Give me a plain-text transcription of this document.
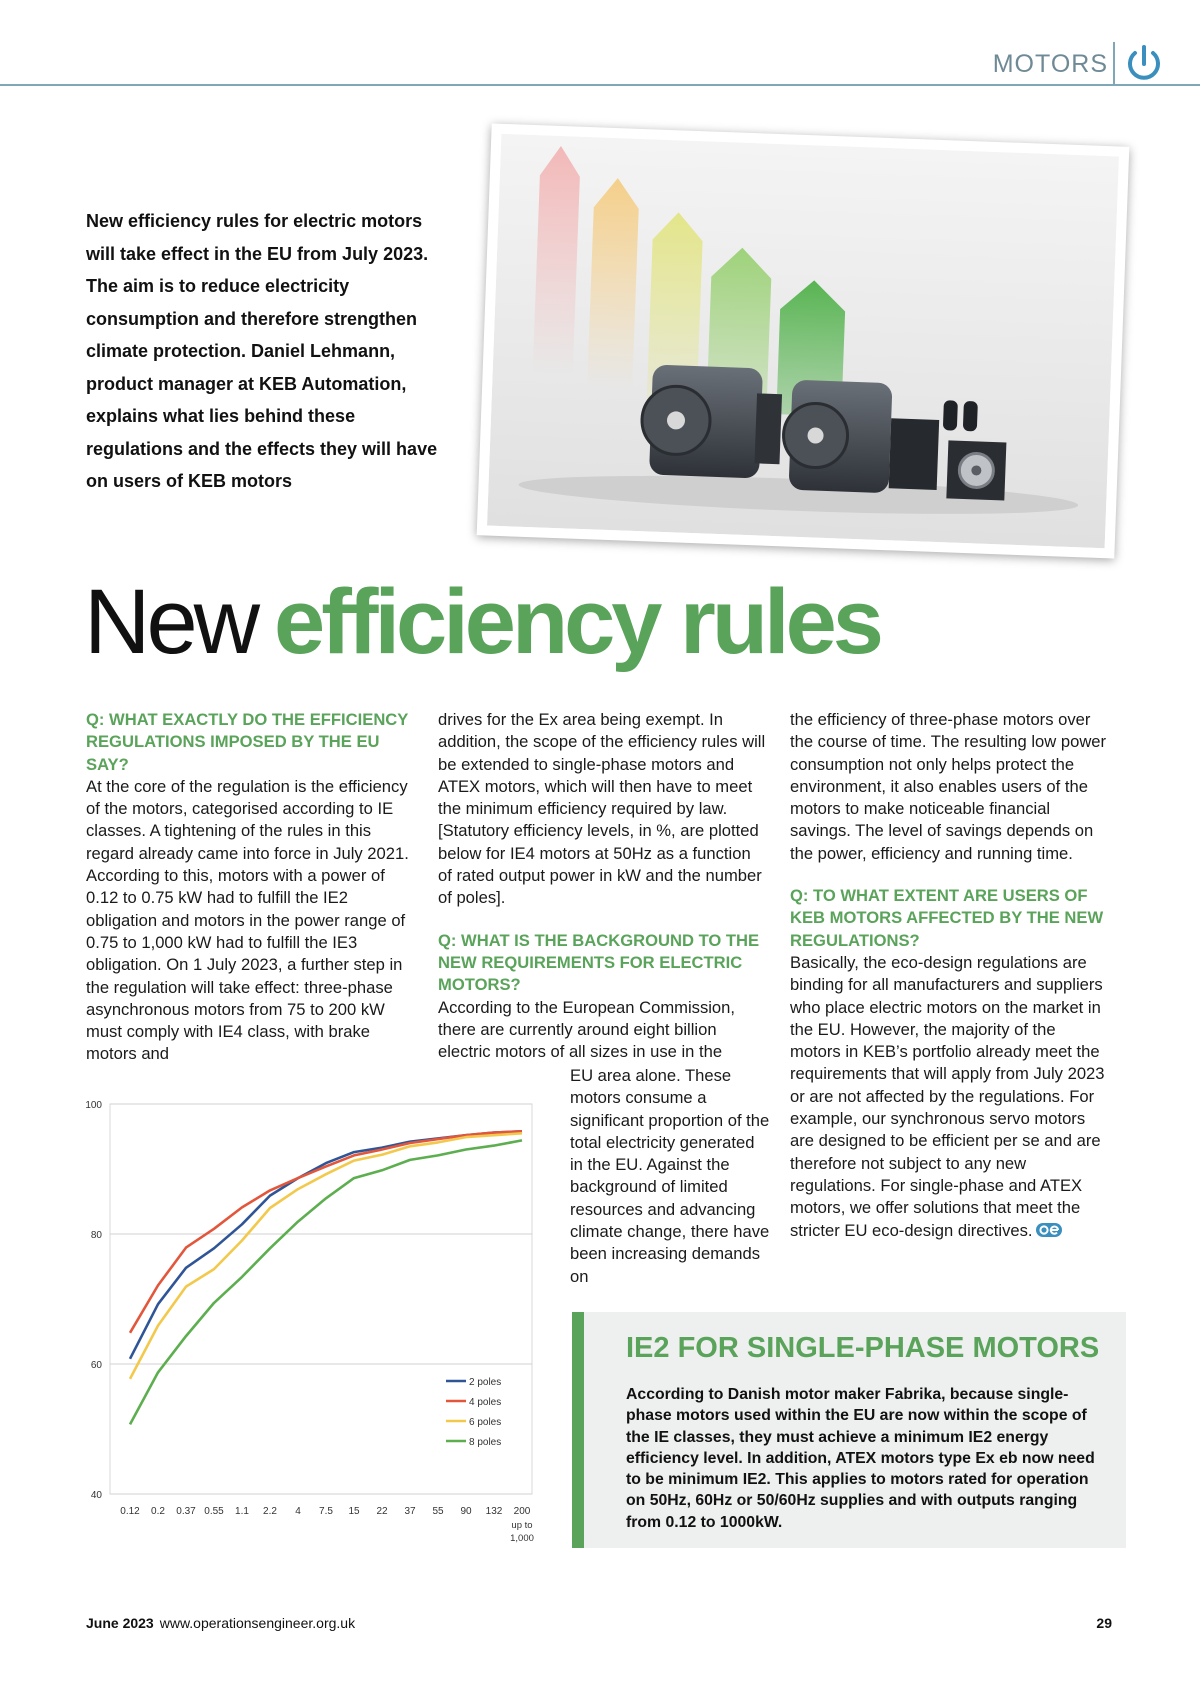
MOTORS
New efficiency rules for electric motors will take effect in the EU from July 2023. The aim is to reduce electricity consumption and therefore strengthen climate protection. Daniel Lehmann, product manager at KEB Automation, explains what lies behind these regulations and the effects they will have on users of KEB motors
New efficiency rules

Q: WHAT EXACTLY DO THE EFFICIENCY REGULATIONS IMPOSED BY THE EU SAY?

At the core of the regulation is the efficiency of the motors, categorised according to IE classes. A tightening of the rules in this regard already came into force in July 2021. According to this, motors with a power of 0.12 to 0.75 kW had to fulfill the IE2 obligation and motors in the power range of 0.75 to 1,000 kW had to fulfill the IE3 obligation. On 1 July 2023, a further step in the regulation will take effect: three-phase asynchronous motors from 75 to 200 kW must comply with IE4 class, with brake motors and

drives for the Ex area being exempt. In addition, the scope of the efficiency rules will be extended to single-phase motors and ATEX motors, which will then have to meet the minimum efficiency required by law. [Statutory efficiency levels, in %, are plotted below for IE4 motors at 50Hz as a function of rated output power in kW and the number of poles].

Q: WHAT IS THE BACKGROUND TO THE NEW REQUIREMENTS FOR ELECTRIC MOTORS?

According to the European Commission, there are currently around eight billion electric motors of all sizes in use in the

EU area alone. These motors consume a significant proportion of the total electricity generated in the EU. Against the background of limited resources and advancing climate change, there have been increasing demands on

the efficiency of three-phase motors over the course of time. The resulting low power consumption not only helps protect the environment, it also enables users of the motors to make noticeable financial savings. The level of savings depends on the power, efficiency and running time.

Q: TO WHAT EXTENT ARE USERS OF KEB MOTORS AFFECTED BY THE NEW REGULATIONS?

Basically, the eco-design regulations are binding for all manufacturers and suppliers who place electric motors on the market in the EU. However, the majority of the motors in KEB’s portfolio already meet the requirements that will apply from July 2023 or are not affected by the regulations. For example, our synchronous servo motors are designed to be efficient per se and are therefore not subject to any new regulations. For single-phase and ATEX motors, we offer solutions that meet the stricter EU eco-design directives.

40
60
80
100
0.12 0.2 0.37 0.55 1.1 2.2 4 7.5 15 22 37 55 90 132 200
up to
1,000
2 poles
4 poles
6 poles
8 poles
IE2 FOR SINGLE-PHASE MOTORS
According to Danish motor maker Fabrika, because single-phase motors used within the EU are now within the scope of the IE classes, they must achieve a minimum IE2 energy efficiency level. In addition, ATEX motors type Ex eb now need to be minimum IE2. This applies to motors rated for operation on 50Hz, 60Hz or 50/60Hz supplies and with outputs ranging from 0.12 to 1000kW.
June 2023 www.operationsengineer.org.uk	29
